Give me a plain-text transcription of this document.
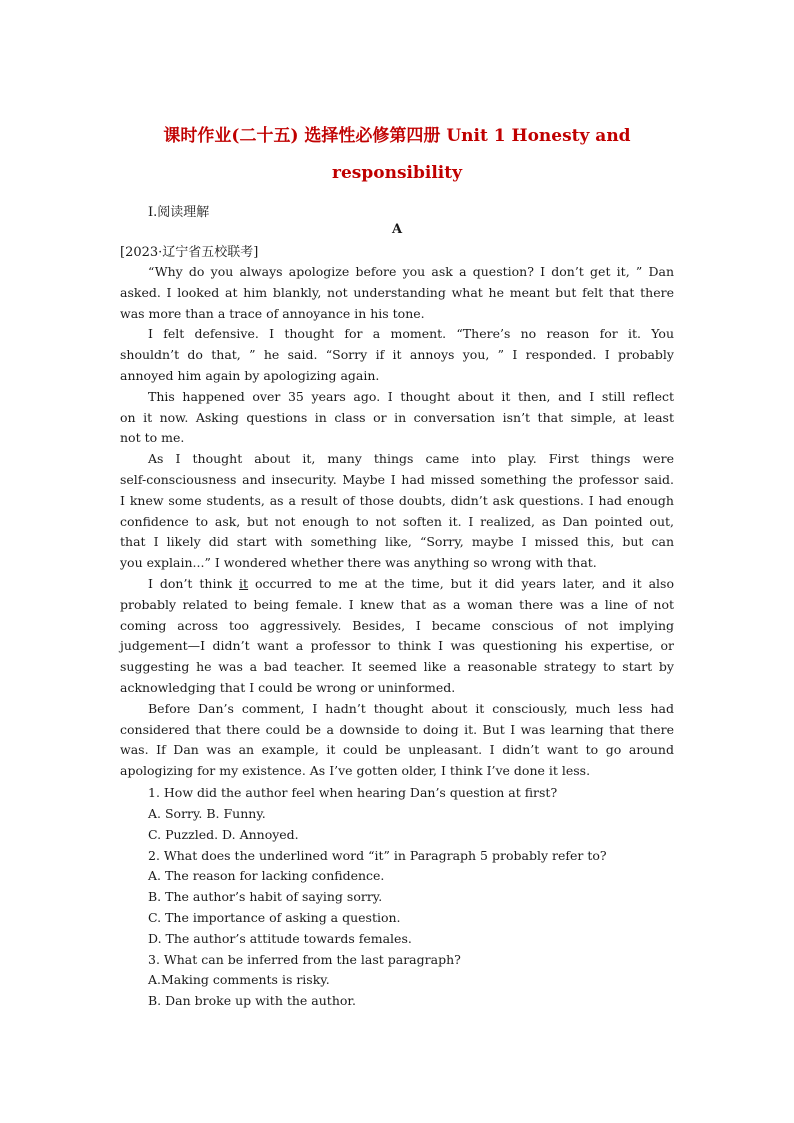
课时作业(二十五) 选择性必修第四册 Unit 1 Honesty and
responsibility
Ⅰ.阅读理解
A
[2023·辽宁省五校联考]
“Why do you always apologize before you ask a question? I don’t get it, ” Dan
asked. I looked at him blankly, not understanding what he meant but felt that there
was more than a trace of annoyance in his tone.
I felt defensive. I thought for a moment. “There’s no reason for it. You
shouldn’t do that, ” he said. “Sorry if it annoys you, ” I responded. I probably
annoyed him again by apologizing again.
This happened over 35 years ago. I thought about it then, and I still reflect
on it now. Asking questions in class or in conversation isn’t that simple, at least
not to me.
As I thought about it, many things came into play. First things were
self-consciousness and insecurity. Maybe I had missed something the professor said.
I knew some students, as a result of those doubts, didn’t ask questions. I had enough
confidence to ask, but not enough to not soften it. I realized, as Dan pointed out,
that I likely did start with something like, “Sorry, maybe I missed this, but can
you explain...” I wondered whether there was anything so wrong with that.
I don’t think it occurred to me at the time, but it did years later, and it also
probably related to being female. I knew that as a woman there was a line of not
coming across too aggressively. Besides, I became conscious of not implying
judgement—I didn’t want a professor to think I was questioning his expertise, or
suggesting he was a bad teacher. It seemed like a reasonable strategy to start by
acknowledging that I could be wrong or uninformed.
Before Dan’s comment, I hadn’t thought about it consciously, much less had
considered that there could be a downside to doing it. But I was learning that there
was. If Dan was an example, it could be unpleasant. I didn’t want to go around
apologizing for my existence. As I’ve gotten older, I think I’ve done it less.
1. How did the author feel when hearing Dan’s question at first?
A. Sorry. B. Funny.
C. Puzzled. D. Annoyed.
2. What does the underlined word “it” in Paragraph 5 probably refer to?
A. The reason for lacking confidence.
B. The author’s habit of saying sorry.
C. The importance of asking a question.
D. The author’s attitude towards females.
3. What can be inferred from the last paragraph?
A.Making comments is risky.
B. Dan broke up with the author.
